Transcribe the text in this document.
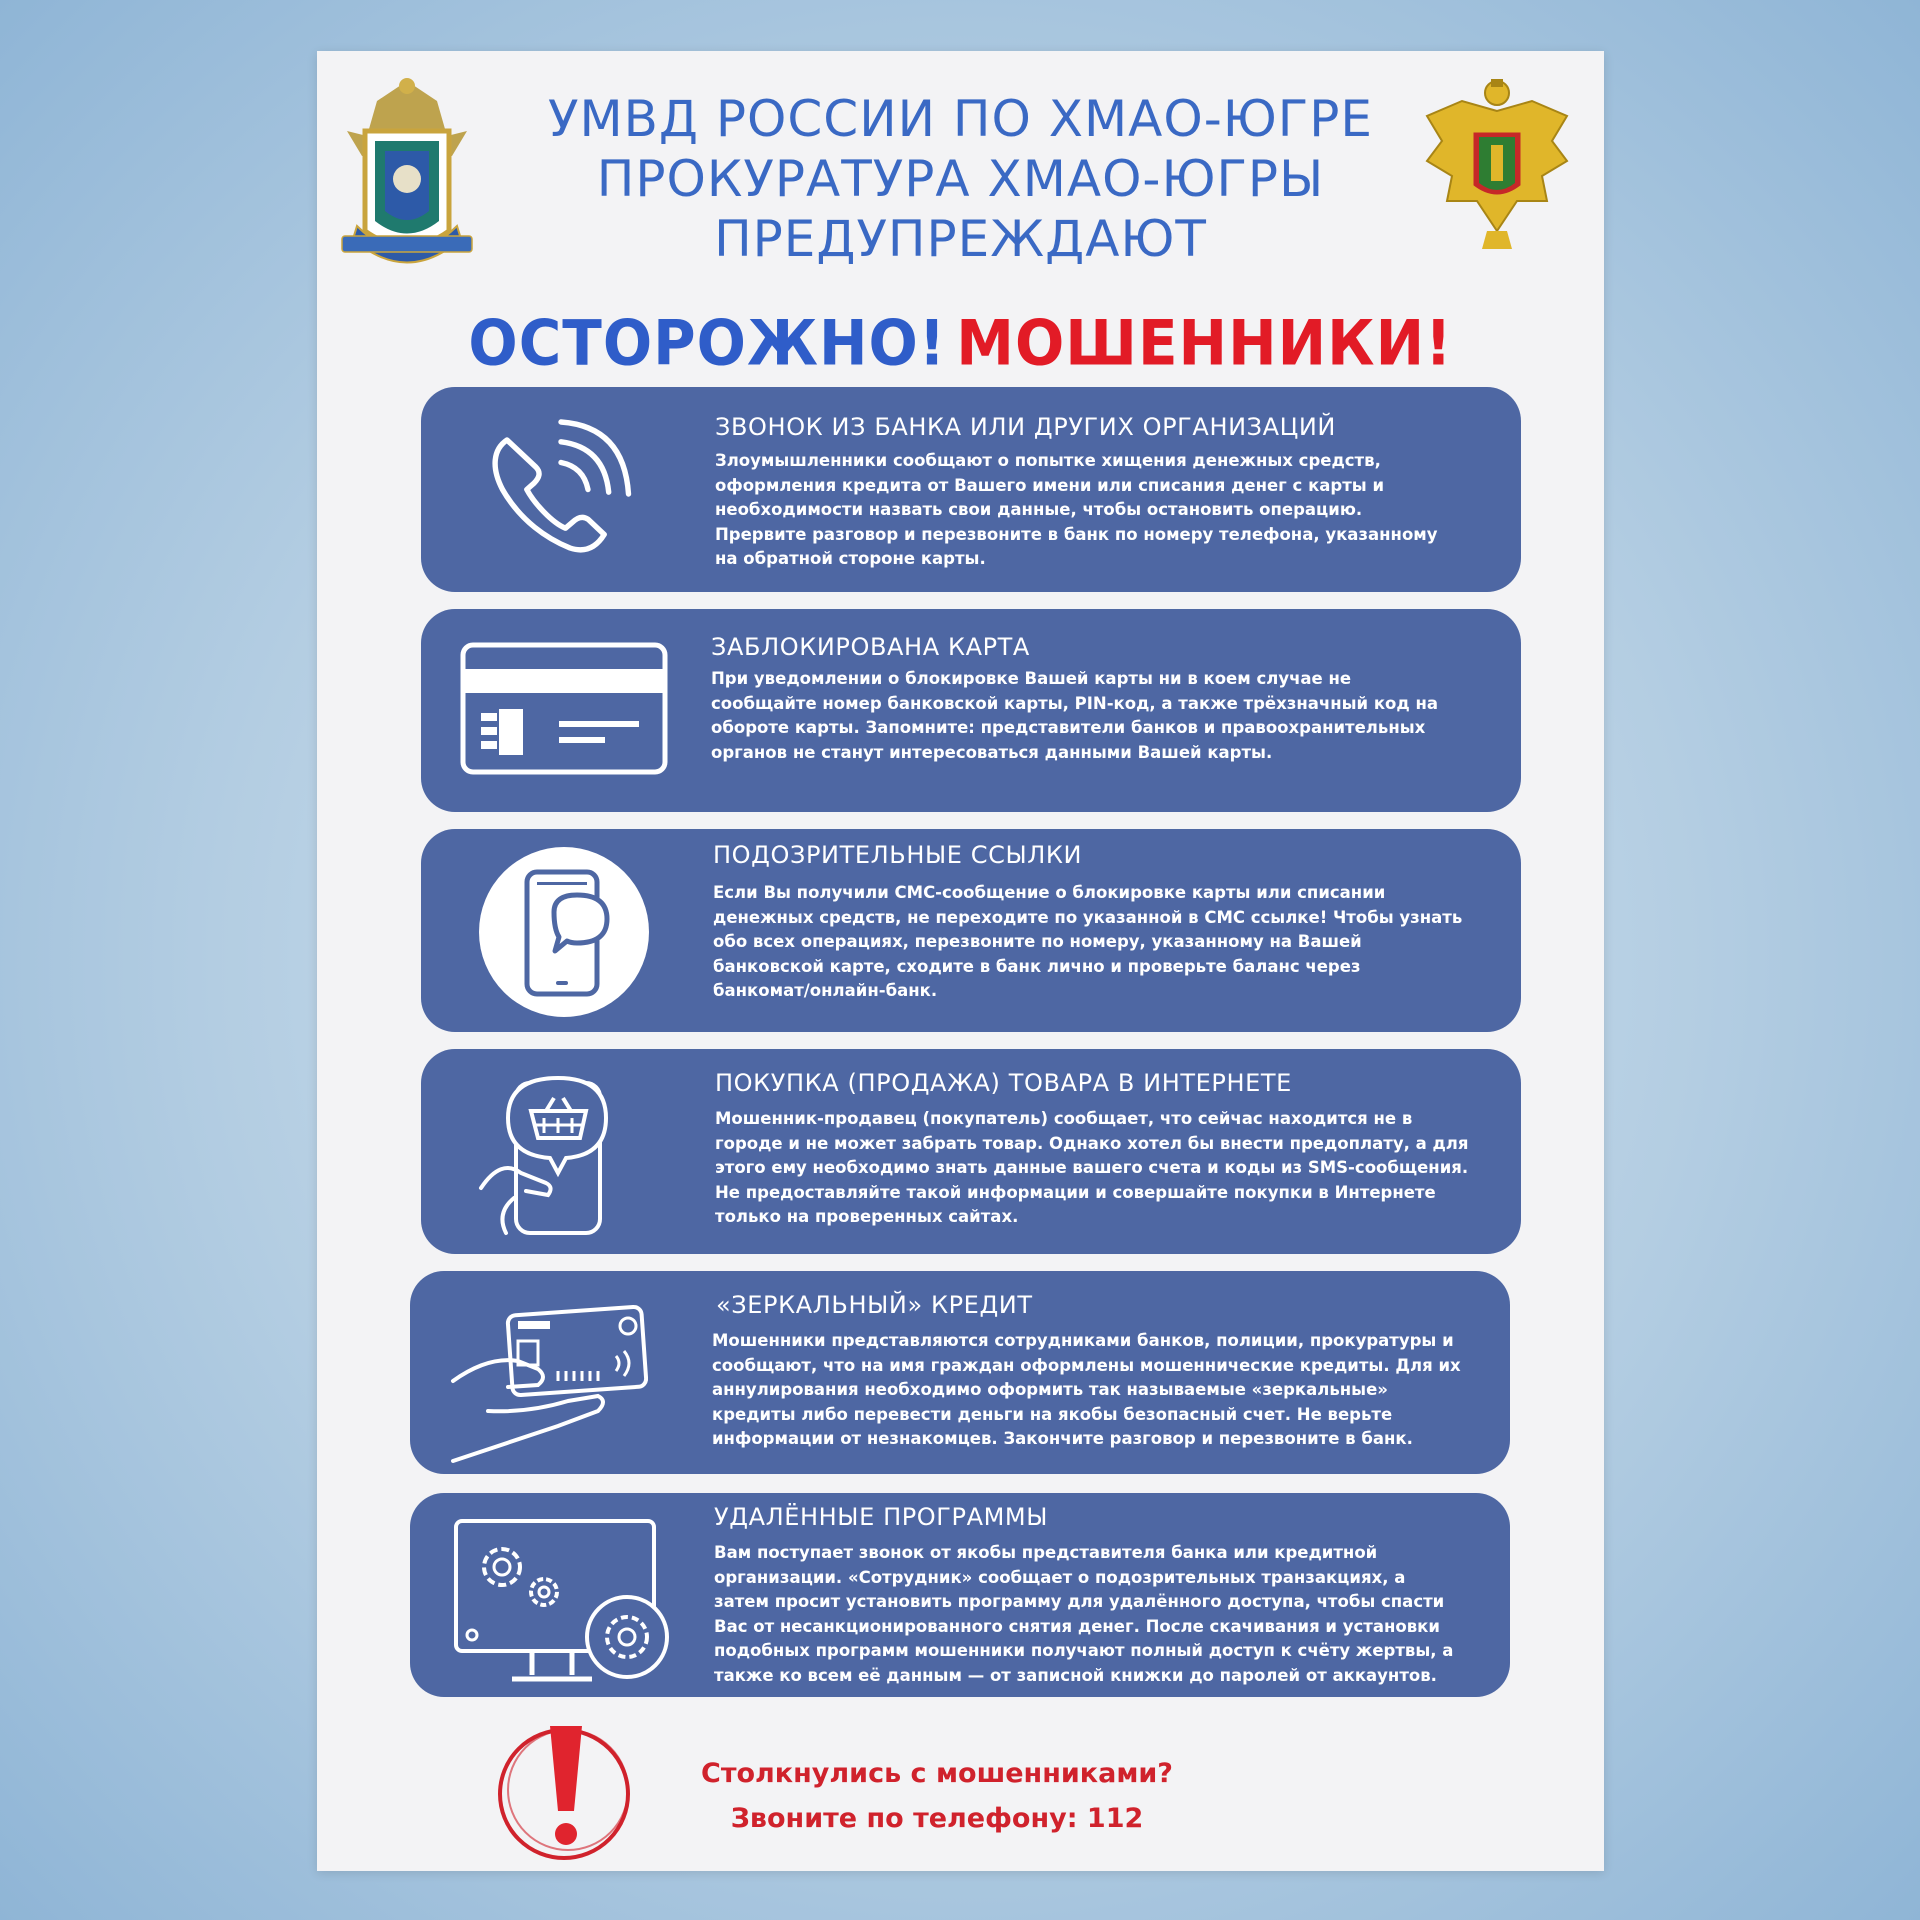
УМВД РОССИИ ПО ХМАО-ЮГРЕ
ПРОКУРАТУРА ХМАО-ЮГРЫ
ПРЕДУПРЕЖДАЮТ
ОСТОРОЖНО! МОШЕННИКИ!
ЗВОНОК ИЗ БАНКА ИЛИ ДРУГИХ ОРГАНИЗАЦИЙ
Злоумышленники сообщают о попытке хищения денежных средств,
оформления кредита от Вашего имени или списания денег с карты и
необходимости назвать свои данные, чтобы остановить операцию.
Прервите разговор и перезвоните в банк по номеру телефона, указанному
на обратной стороне карты.
ЗАБЛОКИРОВАНА КАРТА
При уведомлении о блокировке Вашей карты ни в коем случае не
сообщайте номер банковской карты, PIN-код, а также трёхзначный код на
обороте карты. Запомните: представители банков и правоохранительных
органов не станут интересоваться данными Вашей карты.
ПОДОЗРИТЕЛЬНЫЕ ССЫЛКИ
Если Вы получили СМС-сообщение о блокировке карты или списании
денежных средств, не переходите по указанной в СМС ссылке! Чтобы узнать
обо всех операциях, перезвоните по номеру, указанному на Вашей
банковской карте, сходите в банк лично и проверьте баланс через
банкомат/онлайн-банк.
ПОКУПКА (ПРОДАЖА) ТОВАРА В ИНТЕРНЕТЕ
Мошенник-продавец (покупатель) сообщает, что сейчас находится не в
городе и не может забрать товар. Однако хотел бы внести предоплату, а для
этого ему необходимо знать данные вашего счета и коды из SMS-сообщения.
Не предоставляйте такой информации и совершайте покупки в Интернете
только на проверенных сайтах.
«ЗЕРКАЛЬНЫЙ» КРЕДИТ
Мошенники представляются сотрудниками банков, полиции, прокуратуры и
сообщают, что на имя граждан оформлены мошеннические кредиты. Для их
аннулирования необходимо оформить так называемые «зеркальные»
кредиты либо перевести деньги на якобы безопасный счет. Не верьте
информации от незнакомцев. Закончите разговор и перезвоните в банк.
УДАЛЁННЫЕ ПРОГРАММЫ
Вам поступает звонок от якобы представителя банка или кредитной
организации. «Сотрудник» сообщает о подозрительных транзакциях, а
затем просит установить программу для удалённого доступа, чтобы спасти
Вас от несанкционированного снятия денег. После скачивания и установки
подобных программ мошенники получают полный доступ к счёту жертвы, а
также ко всем её данным — от записной книжки до паролей от аккаунтов.
Столкнулись с мошенниками?
Звоните по телефону: 112
